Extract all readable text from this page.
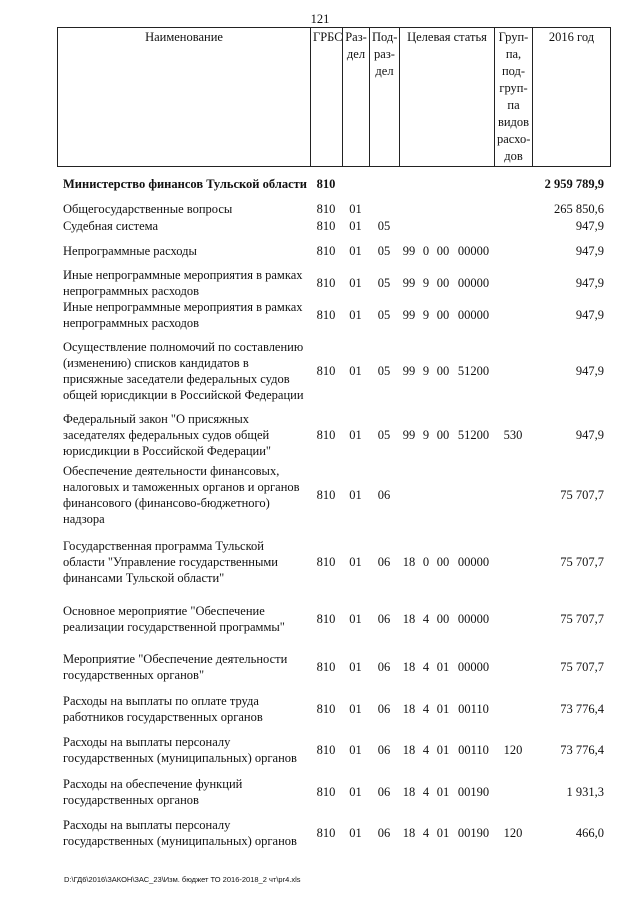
121
Наименование	ГРБС	Раз-
дел	Под-
раз-
дел	Целевая статья	Груп-
па,
под-
груп-
па
видов
расхо-
дов	2016 год
Министерство финансов Тульской области	810								2 959 789,9
Общегосударственные вопросы	810	01							265 850,6
Судебная система	810	01	05						947,9
Непрограммные расходы	810	01	05	99	0	00	00000		947,9
Иные непрограммные мероприятия в рамках непрограммных расходов	810	01	05	99	9	00	00000		947,9
Иные непрограммные мероприятия в рамках непрограммных расходов	810	01	05	99	9	00	00000		947,9
Осуществление полномочий по составлению (изменению) списков кандидатов в присяжные заседатели федеральных судов общей юрисдикции в Российской Федерации	810	01	05	99	9	00	51200		947,9
Федеральный закон "О присяжных заседателях федеральных судов общей юрисдикции в Российской Федерации"	810	01	05	99	9	00	51200	530	947,9
Обеспечение деятельности финансовых, налоговых и таможенных органов и органов финансового (финансово-бюджетного) надзора	810	01	06						75 707,7
Государственная программа Тульской области "Управление государственными финансами Тульской области"	810	01	06	18	0	00	00000		75 707,7
Основное мероприятие "Обеспечение реализации государственной программы"	810	01	06	18	4	00	00000		75 707,7
Мероприятие "Обеспечение деятельности государственных органов"	810	01	06	18	4	01	00000		75 707,7
Расходы на выплаты по оплате труда работников государственных органов	810	01	06	18	4	01	00110		73 776,4
Расходы на выплаты персоналу государственных (муниципальных) органов	810	01	06	18	4	01	00110	120	73 776,4
Расходы на обеспечение функций государственных органов	810	01	06	18	4	01	00190		1 931,3
Расходы на выплаты персоналу государственных (муниципальных) органов	810	01	06	18	4	01	00190	120	466,0
D:\ГД6\2016\ЗАКОН\ЗАС_23\Изм. бюджет ТО 2016-2018_2 чт\pr4.xls
